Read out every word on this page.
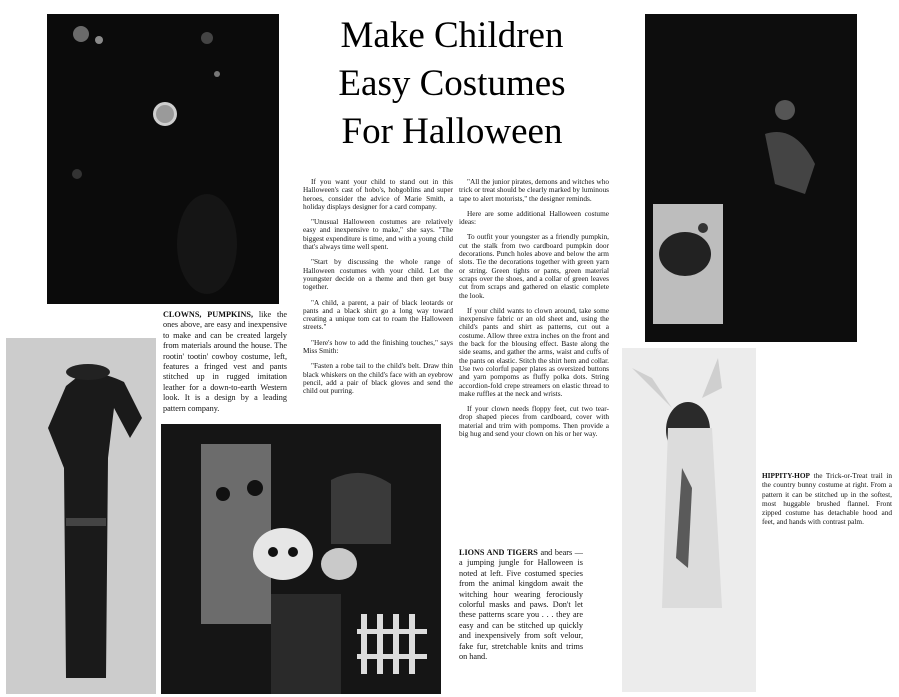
Make Children
Easy Costumes
For Halloween

If you want your child to stand out in this Halloween's cast of hobo's, hobgoblins and super heroes, consider the advice of Marie Smith, a holiday displays designer for a card company.

"Unusual Halloween costumes are relatively easy and inexpensive to make," she says. "The biggest expenditure is time, and with a young child that's always time well spent.

"Start by discussing the whole range of Halloween costumes with your child. Let the youngster decide on a theme and then get busy together.

"A child, a parent, a pair of black leotards or pants and a black shirt go a long way toward creating a unique tom cat to roam the Halloween streets."

"Here's how to add the finishing touches," says Miss Smith:

"Fasten a robe tail to the child's belt. Draw thin black whiskers on the child's face with an eyebrow pencil, add a pair of black gloves and send the child out purring.

"All the junior pirates, demons and witches who trick or treat should be clearly marked by luminous tape to alert motorists," the designer reminds.

Here are some additional Halloween costume ideas:

To outfit your youngster as a friendly pumpkin, cut the stalk from two cardboard pumpkin door decorations. Punch holes above and below the arm slots. Tie the decorations together with green yarn or string. Green tights or pants, green material scraps over the shoes, and a collar of green leaves cut from scraps and gathered on elastic complete the look.

If your child wants to clown around, take some inexpensive fabric or an old sheet and, using the child's pants and shirt as patterns, cut out a costume. Allow three extra inches on the front and the back for the blousing effect. Baste along the side seams, and gather the arms, waist and cuffs of the pants on elastic. Stitch the shirt hem and collar. Use two colorful paper plates as oversized buttons and yarn pompoms as fluffy polka dots. String accordion-fold crepe streamers on elastic thread to make ruffles at the neck and wrists.

If your clown needs floppy feet, cut two tear-drop shaped pieces from cardboard, cover with material and trim with pompoms. Then provide a big hug and send your clown on his or her way.

CLOWNS, PUMPKINS, like the ones above, are easy and inexpensive to make and can be created largely from materials around the house. The rootin' tootin' cowboy costume, left, features a fringed vest and pants stitched up in rugged imitation leather for a down-to-earth Western look. It is a design by a leading pattern company.
LIONS AND TIGERS and bears — a jumping jungle for Halloween is noted at left. Five costumed species from the animal kingdom await the witching hour wearing ferociously colorful masks and paws. Don't let these patterns scare you . . . they are easy and can be stitched up quickly and inexpensively from soft velour, fake fur, stretchable knits and trims on hand.
HIPPITY-HOP the Trick-or-Treat trail in the country bunny costume at right. From a pattern it can be stitched up in the softest, most huggable brushed flannel. Front zipped costume has detachable hood and feet, and hands with contrast palm.
